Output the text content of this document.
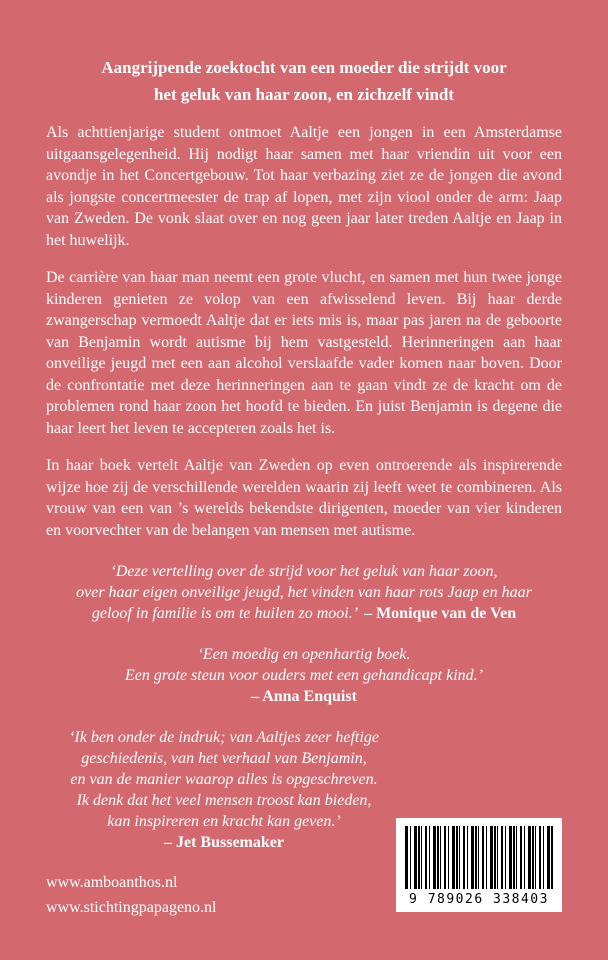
Aangrijpende zoektocht van een moeder die strijdt voor
het geluk van haar zoon, en zichzelf vindt

Als achttienjarige student ontmoet Aaltje een jongen in een Amsterdamse uitgaansgelegenheid. Hij nodigt haar samen met haar vriendin uit voor een avondje in het Concertgebouw. Tot haar verbazing ziet ze de jongen die avond als jongste concertmeester de trap af lopen, met zijn viool onder de arm: Jaap van Zweden. De vonk slaat over en nog geen jaar later treden Aaltje en Jaap in het huwelijk.

De carrière van haar man neemt een grote vlucht, en samen met hun twee jonge kinderen genieten ze volop van een afwisselend leven. Bij haar derde zwangerschap vermoedt Aaltje dat er iets mis is, maar pas jaren na de geboorte van Benjamin wordt autisme bij hem vastgesteld. Herinneringen aan haar onveilige jeugd met een aan alcohol verslaafde vader komen naar boven. Door de confrontatie met deze herinneringen aan te gaan vindt ze de kracht om de problemen rond haar zoon het hoofd te bieden. En juist Benjamin is degene die haar leert het leven te accepteren zoals het is.

In haar boek vertelt Aaltje van Zweden op even ontroerende als inspirerende wijze hoe zij de verschillende werelden waarin zij leeft weet te combineren. Als vrouw van een van ’s werelds bekendste dirigenten, moeder van vier kinderen en voorvechter van de belangen van mensen met autisme.

‘Deze vertelling over de strijd voor het geluk van haar zoon,
over haar eigen onveilige jeugd, het vinden van haar rots Jaap en haar
geloof in familie is om te huilen zo mooi.’ – Monique van de Ven
‘Een moedig en openhartig boek.
Een grote steun voor ouders met een gehandicapt kind.’
– Anna Enquist
‘Ik ben onder de indruk; van Aaltjes zeer heftige
geschiedenis, van het verhaal van Benjamin,
en van de manier waarop alles is opgeschreven.
Ik denk dat het veel mensen troost kan bieden,
kan inspireren en kracht kan geven.’
– Jet Bussemaker
www.amboanthos.nl
www.stichtingpapageno.nl	9 789026 338403
